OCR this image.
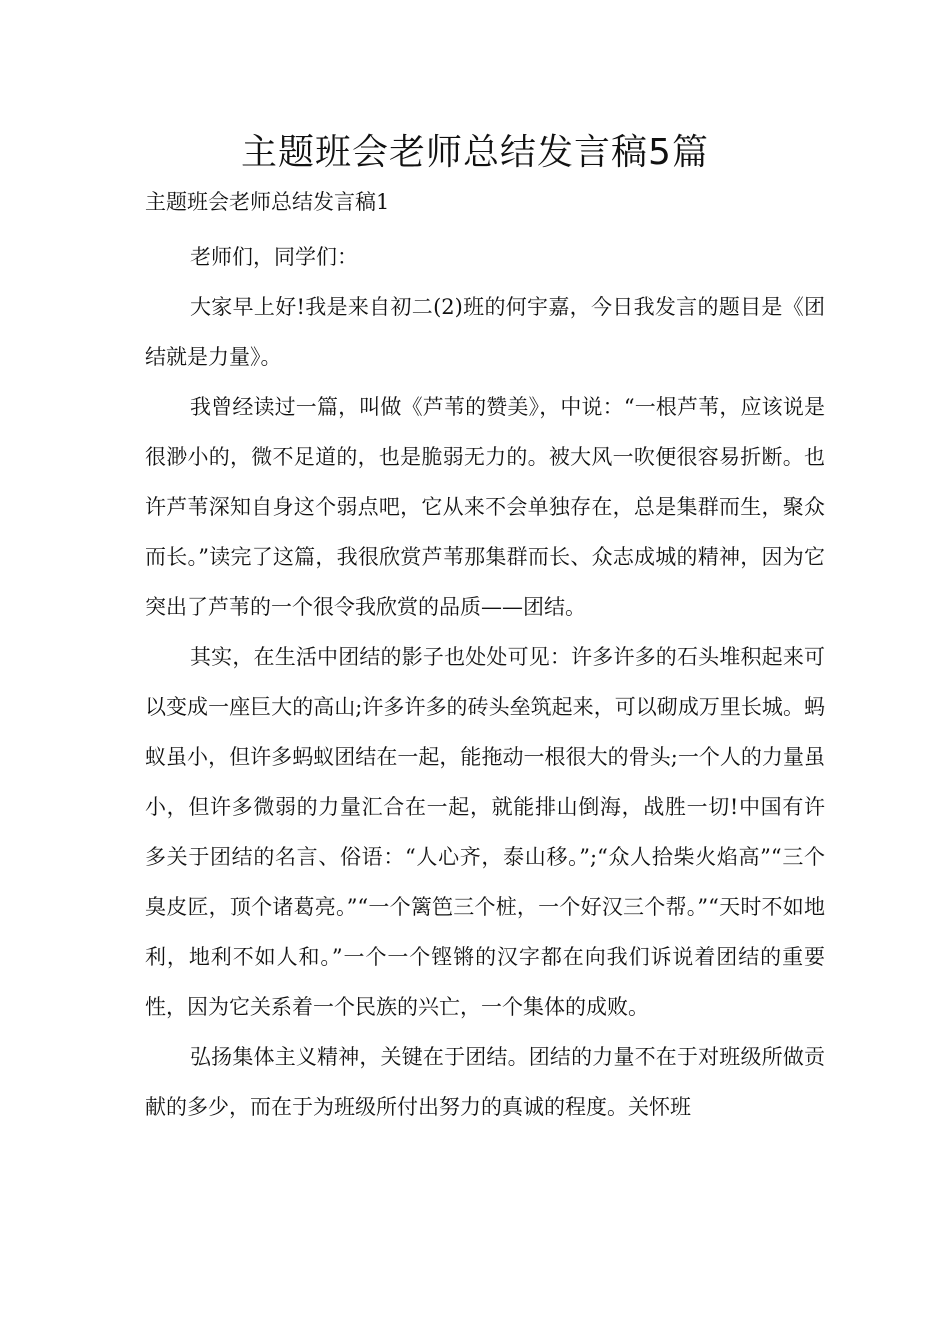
主题班会老师总结发言稿5篇

主题班会老师总结发言稿1

老师们，同学们：

大家早上好!我是来自初二(2)班的何宇嘉，今日我发言的题目是《团结就是力量》。

我曾经读过一篇，叫做《芦苇的赞美》，中说：“一根芦苇，应该说是很渺小的，微不足道的，也是脆弱无力的。被大风一吹便很容易折断。也许芦苇深知自身这个弱点吧，它从来不会单独存在，总是集群而生，聚众而长。”读完了这篇，我很欣赏芦苇那集群而长、众志成城的精神，因为它突出了芦苇的一个很令我欣赏的品质——团结。

其实，在生活中团结的影子也处处可见：许多许多的石头堆积起来可以变成一座巨大的高山;许多许多的砖头垒筑起来，可以砌成万里长城。蚂蚁虽小，但许多蚂蚁团结在一起，能拖动一根很大的骨头;一个人的力量虽小，但许多微弱的力量汇合在一起，就能排山倒海，战胜一切!中国有许多关于团结的名言、俗语：“人心齐，泰山移。”;“众人拾柴火焰高”“三个臭皮匠，顶个诸葛亮。”“一个篱笆三个桩，一个好汉三个帮。”“天时不如地利，地利不如人和。”一个一个铿锵的汉字都在向我们诉说着团结的重要性，因为它关系着一个民族的兴亡，一个集体的成败。

弘扬集体主义精神，关键在于团结。团结的力量不在于对班级所做贡献的多少，而在于为班级所付出努力的真诚的程度。关怀班
